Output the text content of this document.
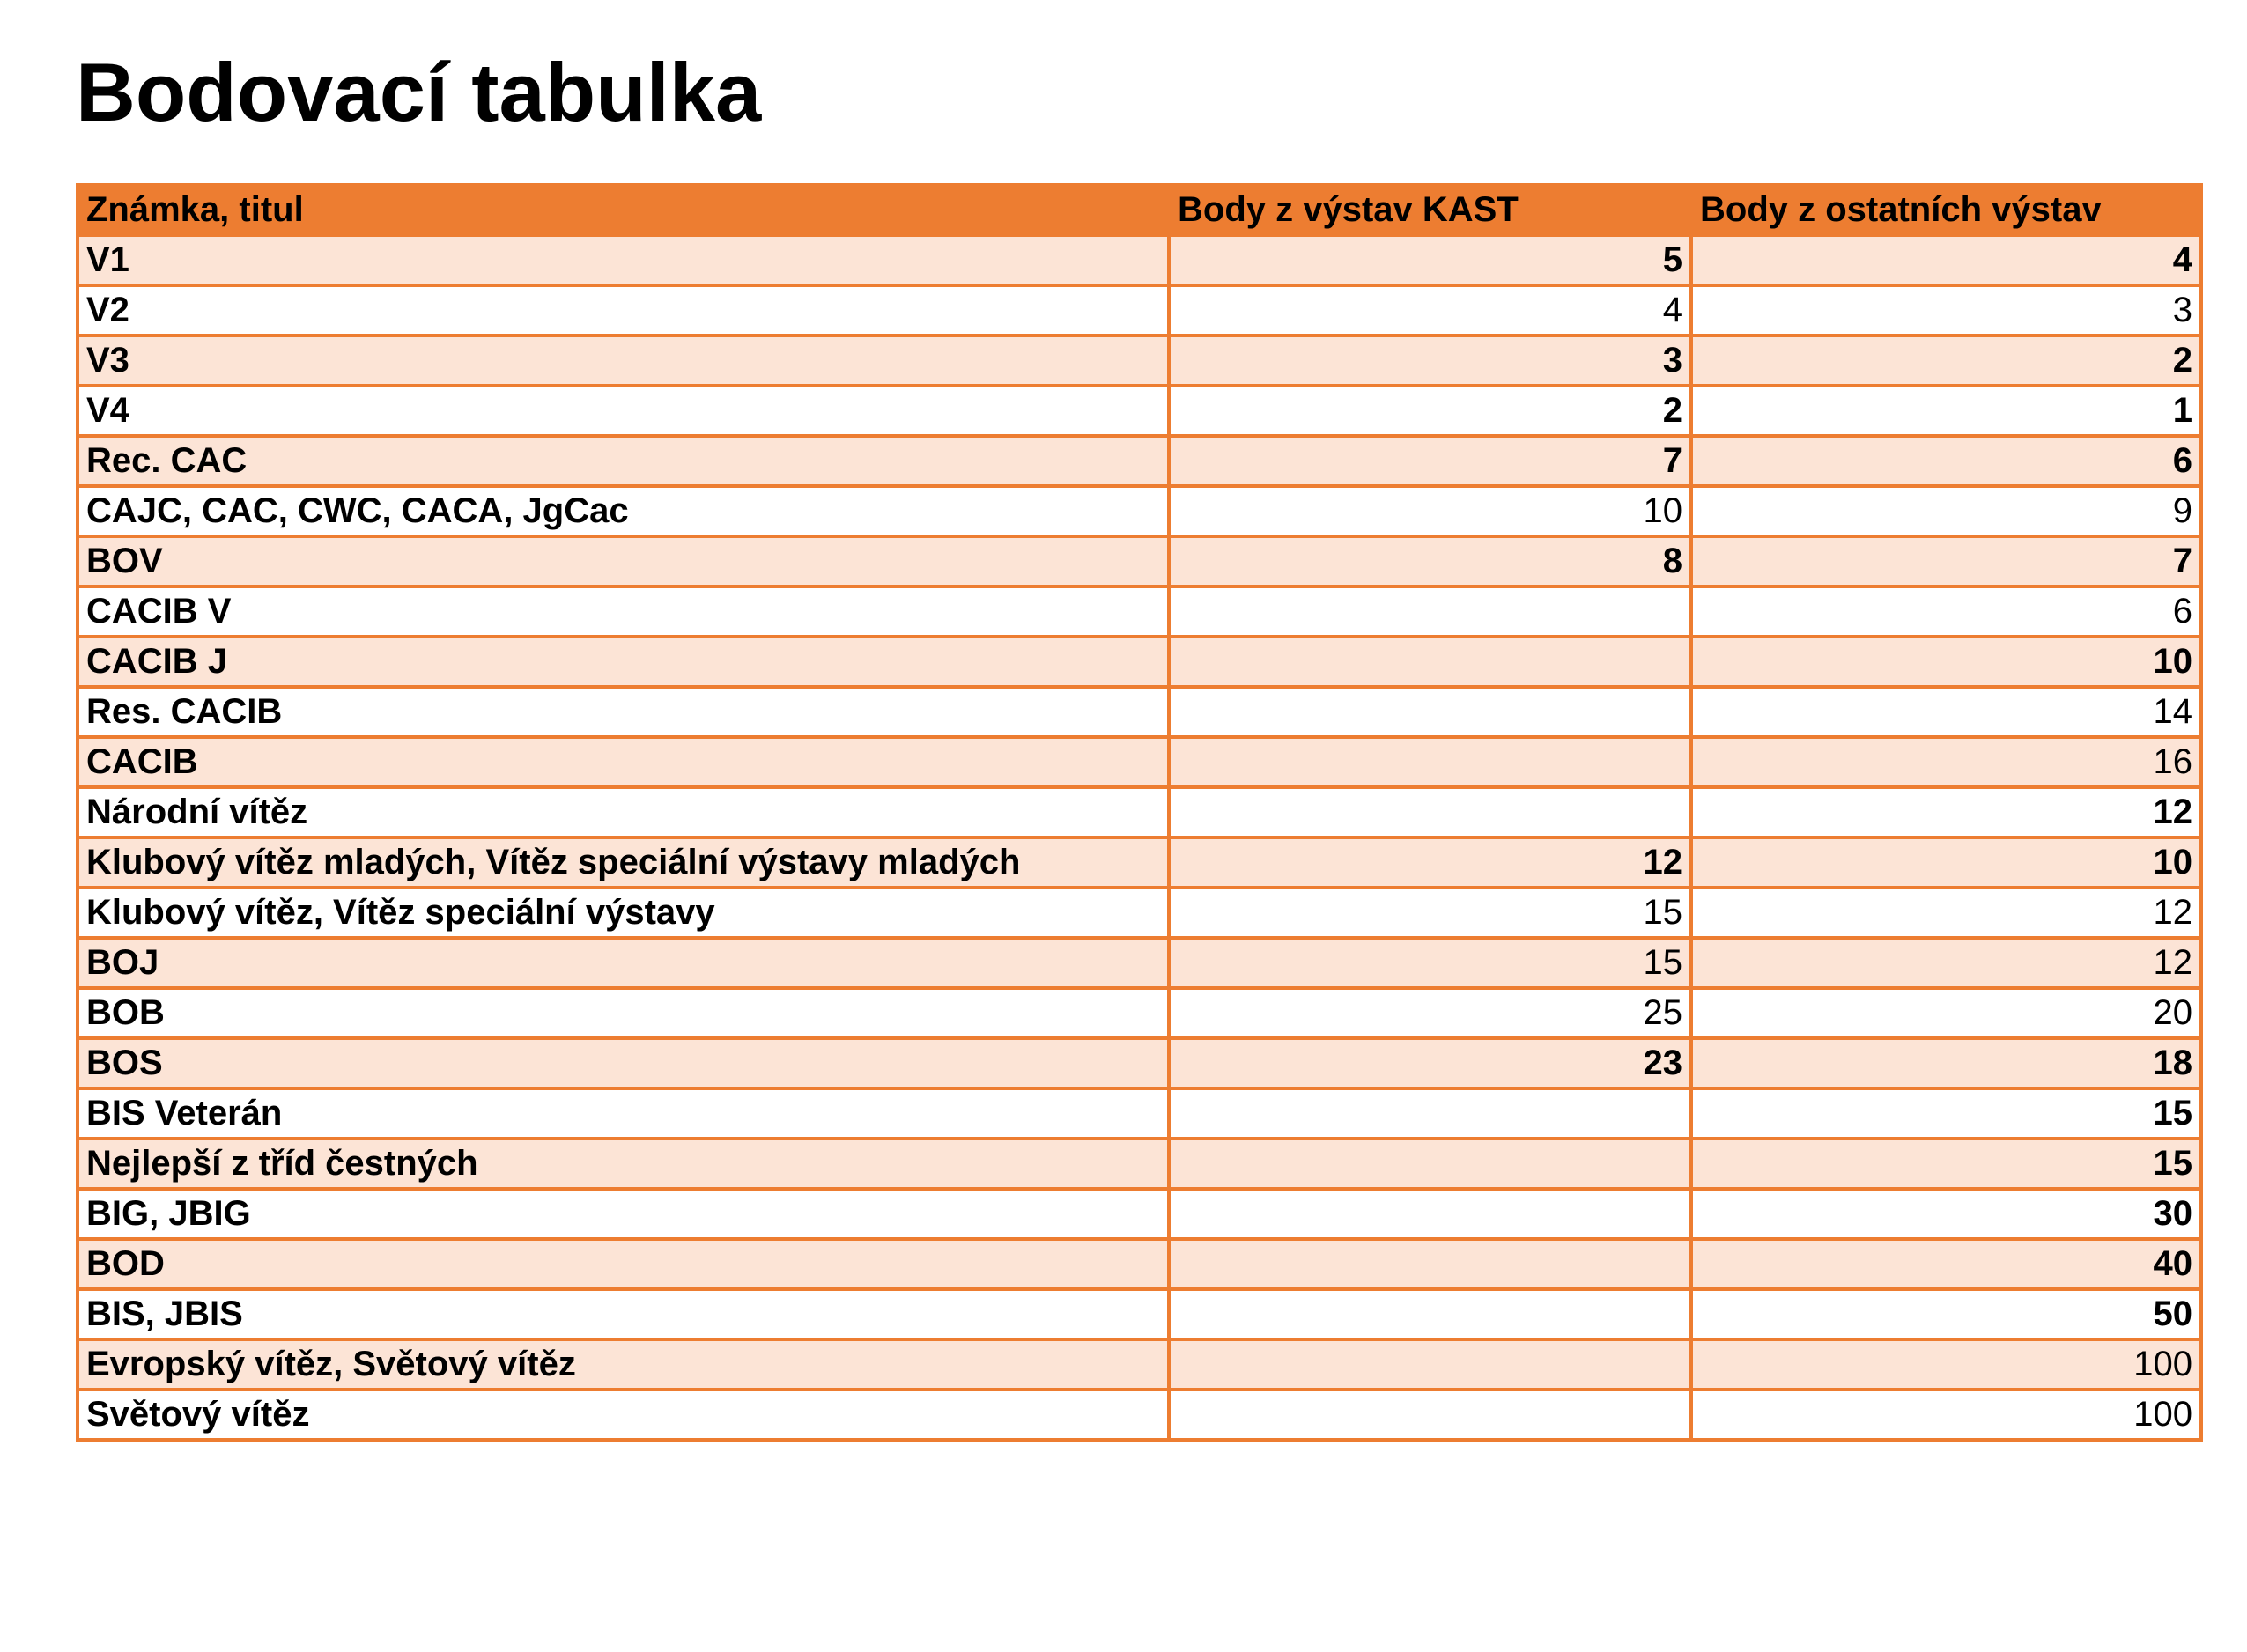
Bodovací tabulka
Známka, titul	Body z výstav KAST	Body z ostatních výstav
V1	5	4
V2	4	3
V3	3	2
V4	2	1
Rec. CAC	7	6
CAJC, CAC, CWC, CACA, JgCac	10	9
BOV	8	7
CACIB V		6
CACIB J		10
Res. CACIB		14
CACIB		16
Národní vítěz		12
Klubový vítěz mladých, Vítěz speciální výstavy mladých	12	10
Klubový vítěz, Vítěz speciální výstavy	15	12
BOJ	15	12
BOB	25	20
BOS	23	18
BIS Veterán		15
Nejlepší z tříd čestných		15
BIG, JBIG		30
BOD		40
BIS, JBIS		50
Evropský vítěz, Světový vítěz		100
Světový vítěz		100
